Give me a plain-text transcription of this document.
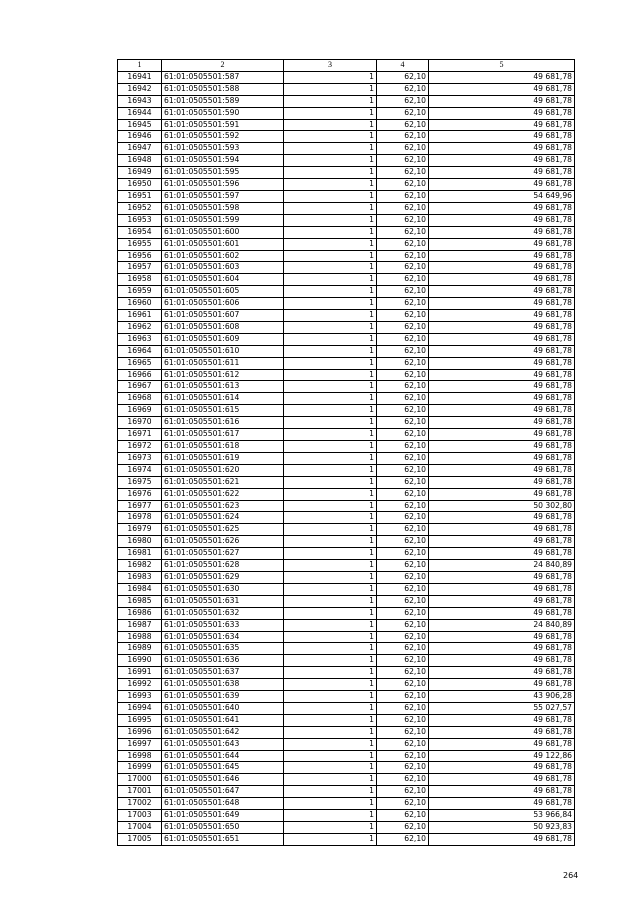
1	2	3	4	5
16941	61:01:0505501:587	1	62,10	49 681,78
16942	61:01:0505501:588	1	62,10	49 681,78
16943	61:01:0505501:589	1	62,10	49 681,78
16944	61:01:0505501:590	1	62,10	49 681,78
16945	61:01:0505501:591	1	62,10	49 681,78
16946	61:01:0505501:592	1	62,10	49 681,78
16947	61:01:0505501:593	1	62,10	49 681,78
16948	61:01:0505501:594	1	62,10	49 681,78
16949	61:01:0505501:595	1	62,10	49 681,78
16950	61:01:0505501:596	1	62,10	49 681,78
16951	61:01:0505501:597	1	62,10	54 649,96
16952	61:01:0505501:598	1	62,10	49 681,78
16953	61:01:0505501:599	1	62,10	49 681,78
16954	61:01:0505501:600	1	62,10	49 681,78
16955	61:01:0505501:601	1	62,10	49 681,78
16956	61:01:0505501:602	1	62,10	49 681,78
16957	61:01:0505501:603	1	62,10	49 681,78
16958	61:01:0505501:604	1	62,10	49 681,78
16959	61:01:0505501:605	1	62,10	49 681,78
16960	61:01:0505501:606	1	62,10	49 681,78
16961	61:01:0505501:607	1	62,10	49 681,78
16962	61:01:0505501:608	1	62,10	49 681,78
16963	61:01:0505501:609	1	62,10	49 681,78
16964	61:01:0505501:610	1	62,10	49 681,78
16965	61:01:0505501:611	1	62,10	49 681,78
16966	61:01:0505501:612	1	62,10	49 681,78
16967	61:01:0505501:613	1	62,10	49 681,78
16968	61:01:0505501:614	1	62,10	49 681,78
16969	61:01:0505501:615	1	62,10	49 681,78
16970	61:01:0505501:616	1	62,10	49 681,78
16971	61:01:0505501:617	1	62,10	49 681,78
16972	61:01:0505501:618	1	62,10	49 681,78
16973	61:01:0505501:619	1	62,10	49 681,78
16974	61:01:0505501:620	1	62,10	49 681,78
16975	61:01:0505501:621	1	62,10	49 681,78
16976	61:01:0505501:622	1	62,10	49 681,78
16977	61:01:0505501:623	1	62,10	50 302,80
16978	61:01:0505501:624	1	62,10	49 681,78
16979	61:01:0505501:625	1	62,10	49 681,78
16980	61:01:0505501:626	1	62,10	49 681,78
16981	61:01:0505501:627	1	62,10	49 681,78
16982	61:01:0505501:628	1	62,10	24 840,89
16983	61:01:0505501:629	1	62,10	49 681,78
16984	61:01:0505501:630	1	62,10	49 681,78
16985	61:01:0505501:631	1	62,10	49 681,78
16986	61:01:0505501:632	1	62,10	49 681,78
16987	61:01:0505501:633	1	62,10	24 840,89
16988	61:01:0505501:634	1	62,10	49 681,78
16989	61:01:0505501:635	1	62,10	49 681,78
16990	61:01:0505501:636	1	62,10	49 681,78
16991	61:01:0505501:637	1	62,10	49 681,78
16992	61:01:0505501:638	1	62,10	49 681,78
16993	61:01:0505501:639	1	62,10	43 906,28
16994	61:01:0505501:640	1	62,10	55 027,57
16995	61:01:0505501:641	1	62,10	49 681,78
16996	61:01:0505501:642	1	62,10	49 681,78
16997	61:01:0505501:643	1	62,10	49 681,78
16998	61:01:0505501:644	1	62,10	49 122,86
16999	61:01:0505501:645	1	62,10	49 681,78
17000	61:01:0505501:646	1	62,10	49 681,78
17001	61:01:0505501:647	1	62,10	49 681,78
17002	61:01:0505501:648	1	62,10	49 681,78
17003	61:01:0505501:649	1	62,10	53 966,84
17004	61:01:0505501:650	1	62,10	50 923,83
17005	61:01:0505501:651	1	62,10	49 681,78
264
